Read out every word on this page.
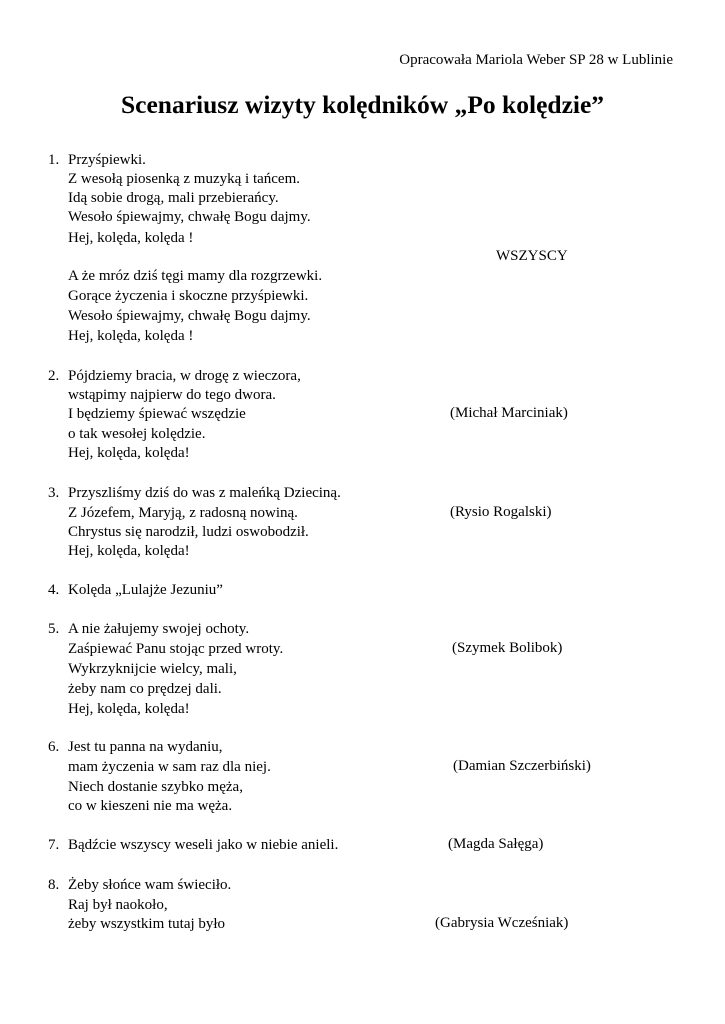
Opracowała Mariola Weber SP 28 w Lublinie
Scenariusz wizyty kolędników „Po kolędzie”
1. Przyśpiewki.
Z wesołą piosenką z muzyką i tańcem.
Idą sobie drogą, mali przebierańcy.
Wesoło śpiewajmy, chwałę Bogu dajmy.
Hej, kolęda, kolęda !
A że mróz dziś tęgi mamy dla rozgrzewki.
Gorące życzenia i skoczne przyśpiewki.
Wesoło śpiewajmy, chwałę Bogu dajmy.
Hej, kolęda, kolęda !
2. Pójdziemy bracia, w drogę z wieczora,
wstąpimy najpierw do tego dwora.
I będziemy śpiewać wszędzie
o tak wesołej kolędzie.
Hej, kolęda, kolęda!
3. Przyszliśmy dziś do was z maleńką Dzieciną.
Z Józefem, Maryją, z radosną nowiną.
Chrystus się narodził, ludzi oswobodził.
Hej, kolęda, kolęda!
4. Kolęda „Lulajże Jezuniu”
5. A nie żałujemy swojej ochoty.
Zaśpiewać Panu stojąc przed wroty.
Wykrzyknijcie wielcy, mali,
żeby nam co prędzej dali.
Hej, kolęda, kolęda!
6. Jest tu panna na wydaniu,
mam życzenia w sam raz dla niej.
Niech dostanie szybko męża,
co w kieszeni nie ma węża.
7. Bądźcie wszyscy weseli jako w niebie anieli.
8. Żeby słońce wam świeciło.
Raj był naokoło,
żeby wszystkim tutaj było
WSZYSCY
(Michał Marciniak)
(Rysio Rogalski)
(Szymek Bolibok)
(Damian Szczerbiński)
(Magda Sałęga)
(Gabrysia Wcześniak)
